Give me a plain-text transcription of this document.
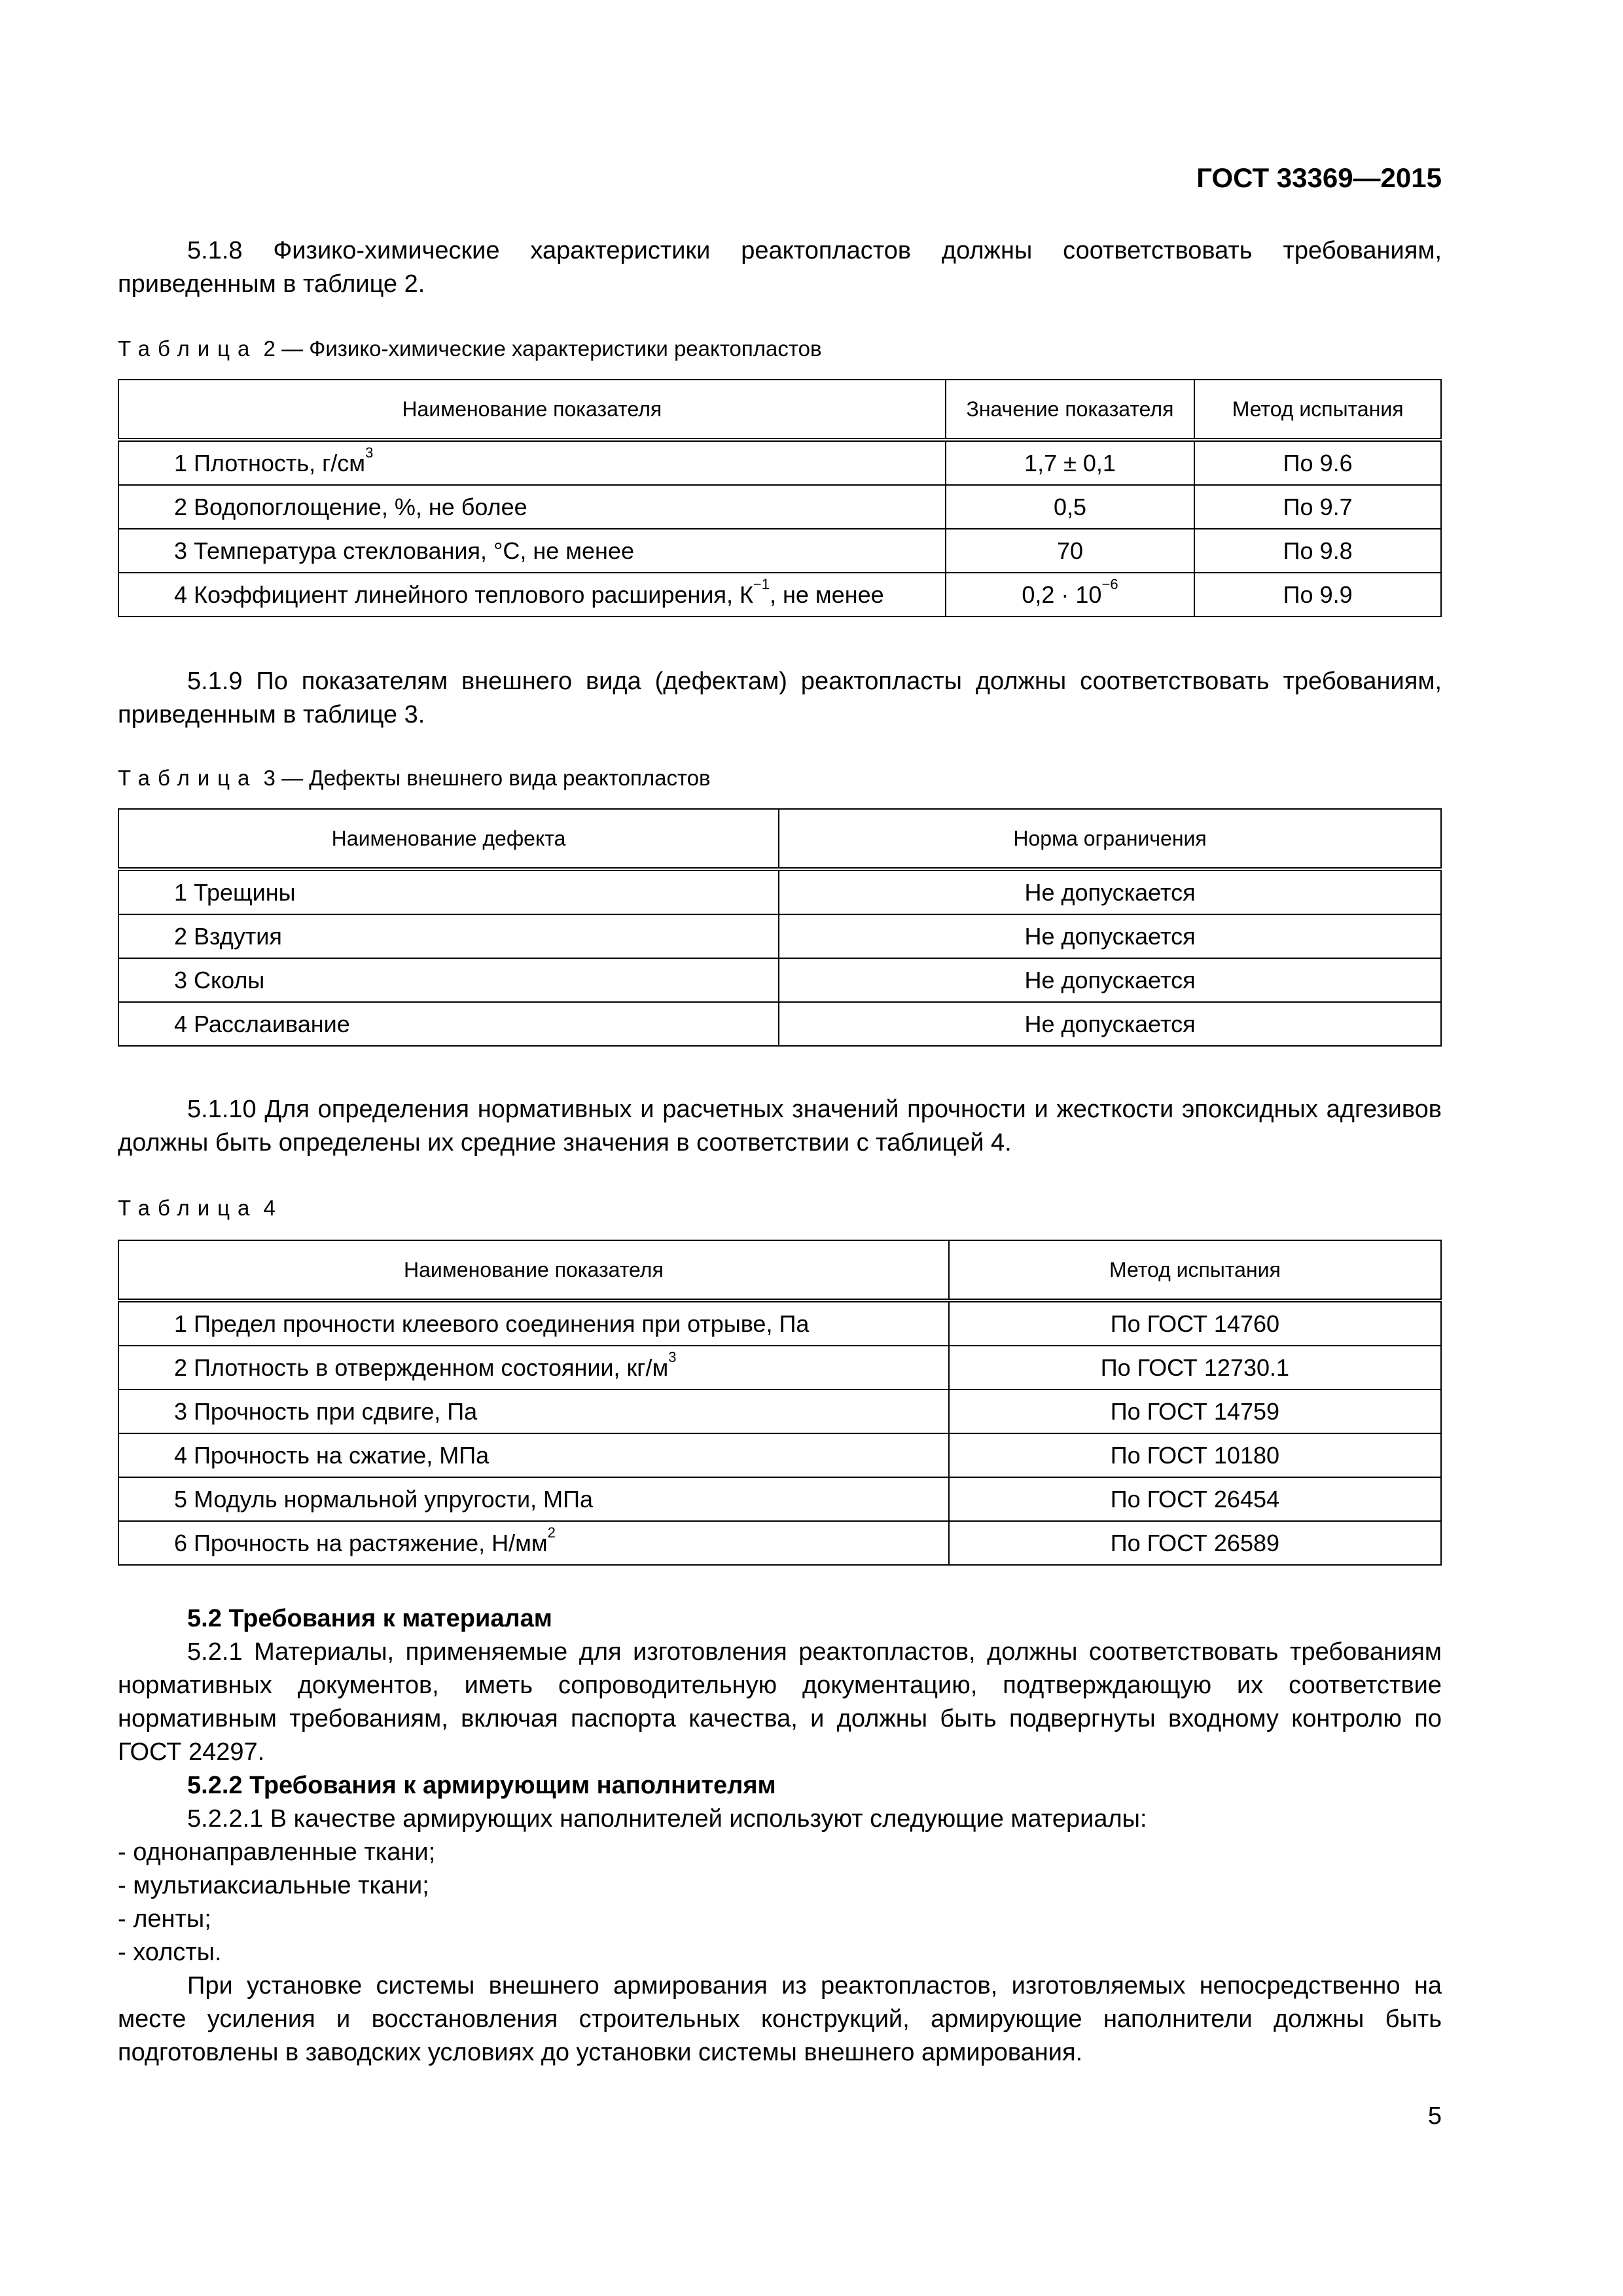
ГОСТ 33369—2015

5.1.8 Физико-химические характеристики реактопластов должны соответствовать требованиям, приведенным в таблице 2.

Таблица 2 — Физико-химические характеристики реактопластов
Наименование показателя	Значение показателя	Метод испытания
1 Плотность, $г/см^3$	1,7 ± 0,1	По 9.6
2 Водопоглощение, %, не более	0,5	По 9.7
3 Температура стеклования, °С, не менее	70	По 9.8
4 Коэффициент линейного теплового расширения, $К^{-1}$, не менее	$0,2 \cdot 10^{-6}$	По 9.9

5.1.9 По показателям внешнего вида (дефектам) реактопласты должны соответствовать требованиям, приведенным в таблице 3.

Таблица 3 — Дефекты внешнего вида реактопластов
Наименование дефекта	Норма ограничения
1 Трещины	Не допускается
2 Вздутия	Не допускается
3 Сколы	Не допускается
4 Расслаивание	Не допускается

5.1.10 Для определения нормативных и расчетных значений прочности и жесткости эпоксидных адгезивов должны быть определены их средние значения в соответствии с таблицей 4.

Таблица 4
Наименование показателя	Метод испытания
1 Предел прочности клеевого соединения при отрыве, Па	По ГОСТ 14760
2 Плотность в отвержденном состоянии, $кг/м^3$	По ГОСТ 12730.1
3 Прочность при сдвиге, Па	По ГОСТ 14759
4 Прочность на сжатие, МПа	По ГОСТ 10180
5 Модуль нормальной упругости, МПа	По ГОСТ 26454
6 Прочность на растяжение, $Н/мм^2$	По ГОСТ 26589

5.2 Требования к материалам

5.2.1 Материалы, применяемые для изготовления реактопластов, должны соответствовать требованиям нормативных документов, иметь сопроводительную документацию, подтверждающую их соответствие нормативным требованиям, включая паспорта качества, и должны быть подвергнуты входному контролю по ГОСТ 24297.

5.2.2 Требования к армирующим наполнителям

5.2.2.1 В качестве армирующих наполнителей используют следующие материалы:

- однонаправленные ткани;

- мультиаксиальные ткани;

- ленты;

- холсты.

При установке системы внешнего армирования из реактопластов, изготовляемых непосредственно на месте усиления и восстановления строительных конструкций, армирующие наполнители должны быть подготовлены в заводских условиях до установки системы внешнего армирования.

5
